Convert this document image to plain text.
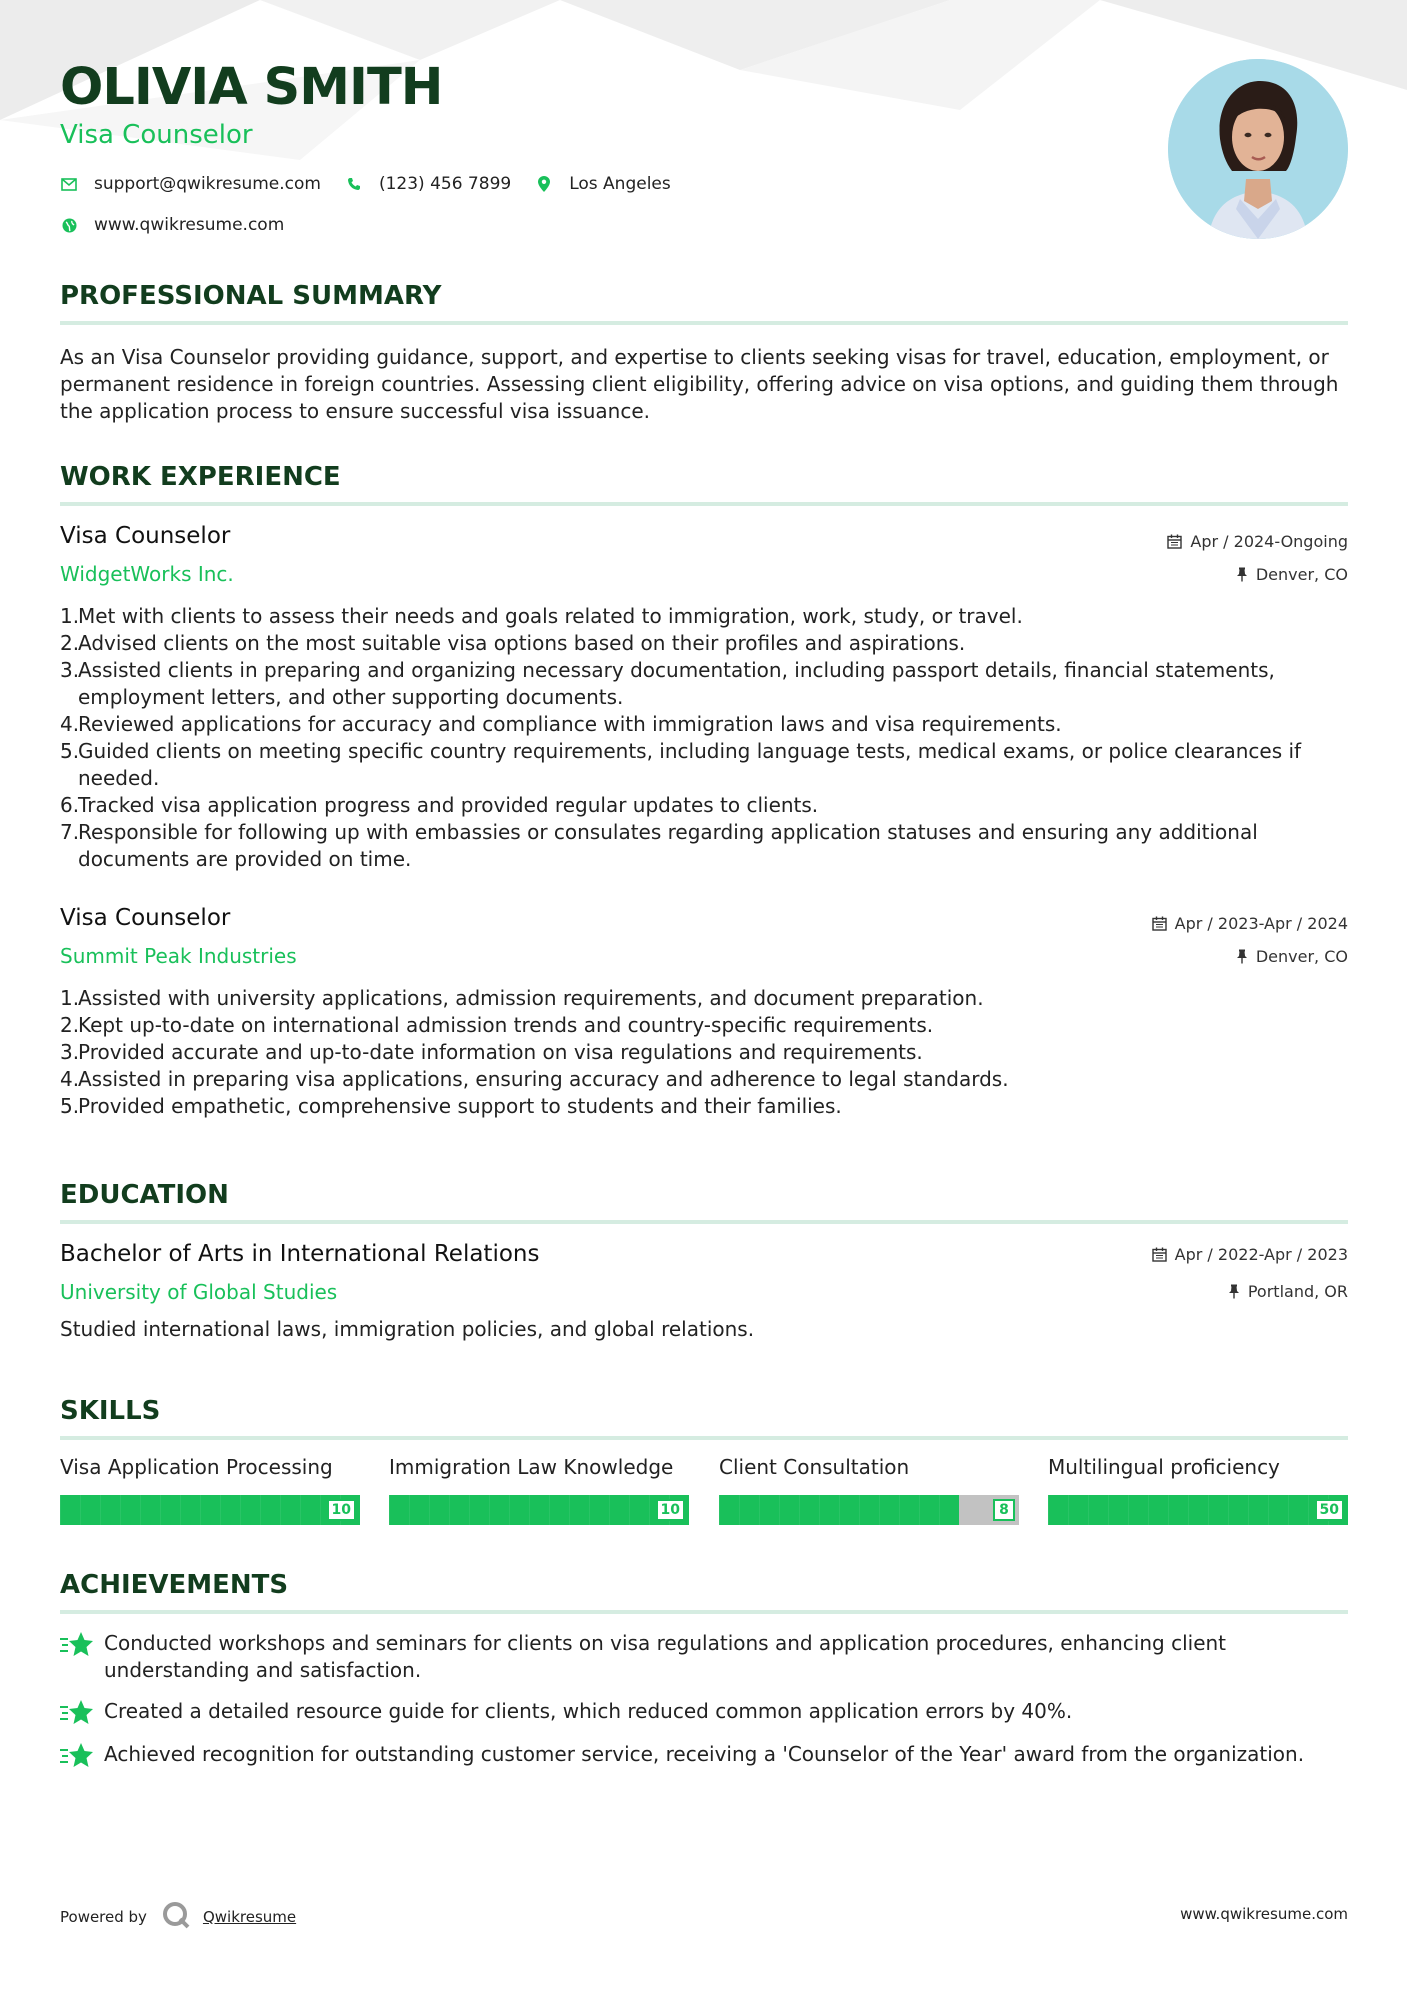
OLIVIA SMITH
Visa Counselor
support@qwikresume.com	(123) 456 7899	Los Angeles
www.qwikresume.com
PROFESSIONAL SUMMARY
As an Visa Counselor providing guidance, support, and expertise to clients seeking visas for travel, education, employment, or permanent residence in foreign countries. Assessing client eligibility, offering advice on visa options, and guiding them through the application process to ensure successful visa issuance.
WORK EXPERIENCE
Visa Counselor
WidgetWorks Inc.
Apr / 2024-Ongoing
Denver, CO
1.
Met with clients to assess their needs and goals related to immigration, work, study, or travel.
2.
Advised clients on the most suitable visa options based on their profiles and aspirations.
3.
Assisted clients in preparing and organizing necessary documentation, including passport details, financial statements, employment letters, and other supporting documents.
4.
Reviewed applications for accuracy and compliance with immigration laws and visa requirements.
5.
Guided clients on meeting specific country requirements, including language tests, medical exams, or police clearances if needed.
6.
Tracked visa application progress and provided regular updates to clients.
7.
Responsible for following up with embassies or consulates regarding application statuses and ensuring any additional documents are provided on time.
Visa Counselor
Summit Peak Industries
Apr / 2023-Apr / 2024
Denver, CO
1.
Assisted with university applications, admission requirements, and document preparation.
2.
Kept up-to-date on international admission trends and country-specific requirements.
3.
Provided accurate and up-to-date information on visa regulations and requirements.
4.
Assisted in preparing visa applications, ensuring accuracy and adherence to legal standards.
5.
Provided empathetic, comprehensive support to students and their families.
EDUCATION
Bachelor of Arts in International Relations
University of Global Studies
Apr / 2022-Apr / 2023
Portland, OR
Studied international laws, immigration policies, and global relations.
SKILLS
Visa Application Processing
10
Immigration Law Knowledge
10
Client Consultation
8
Multilingual proficiency
50
ACHIEVEMENTS
Conducted workshops and seminars for clients on visa regulations and application procedures, enhancing client understanding and satisfaction.
Created a detailed resource guide for clients, which reduced common application errors by 40%.
Achieved recognition for outstanding customer service, receiving a 'Counselor of the Year' award from the organization.
Powered by	Qwikresume	www.qwikresume.com
